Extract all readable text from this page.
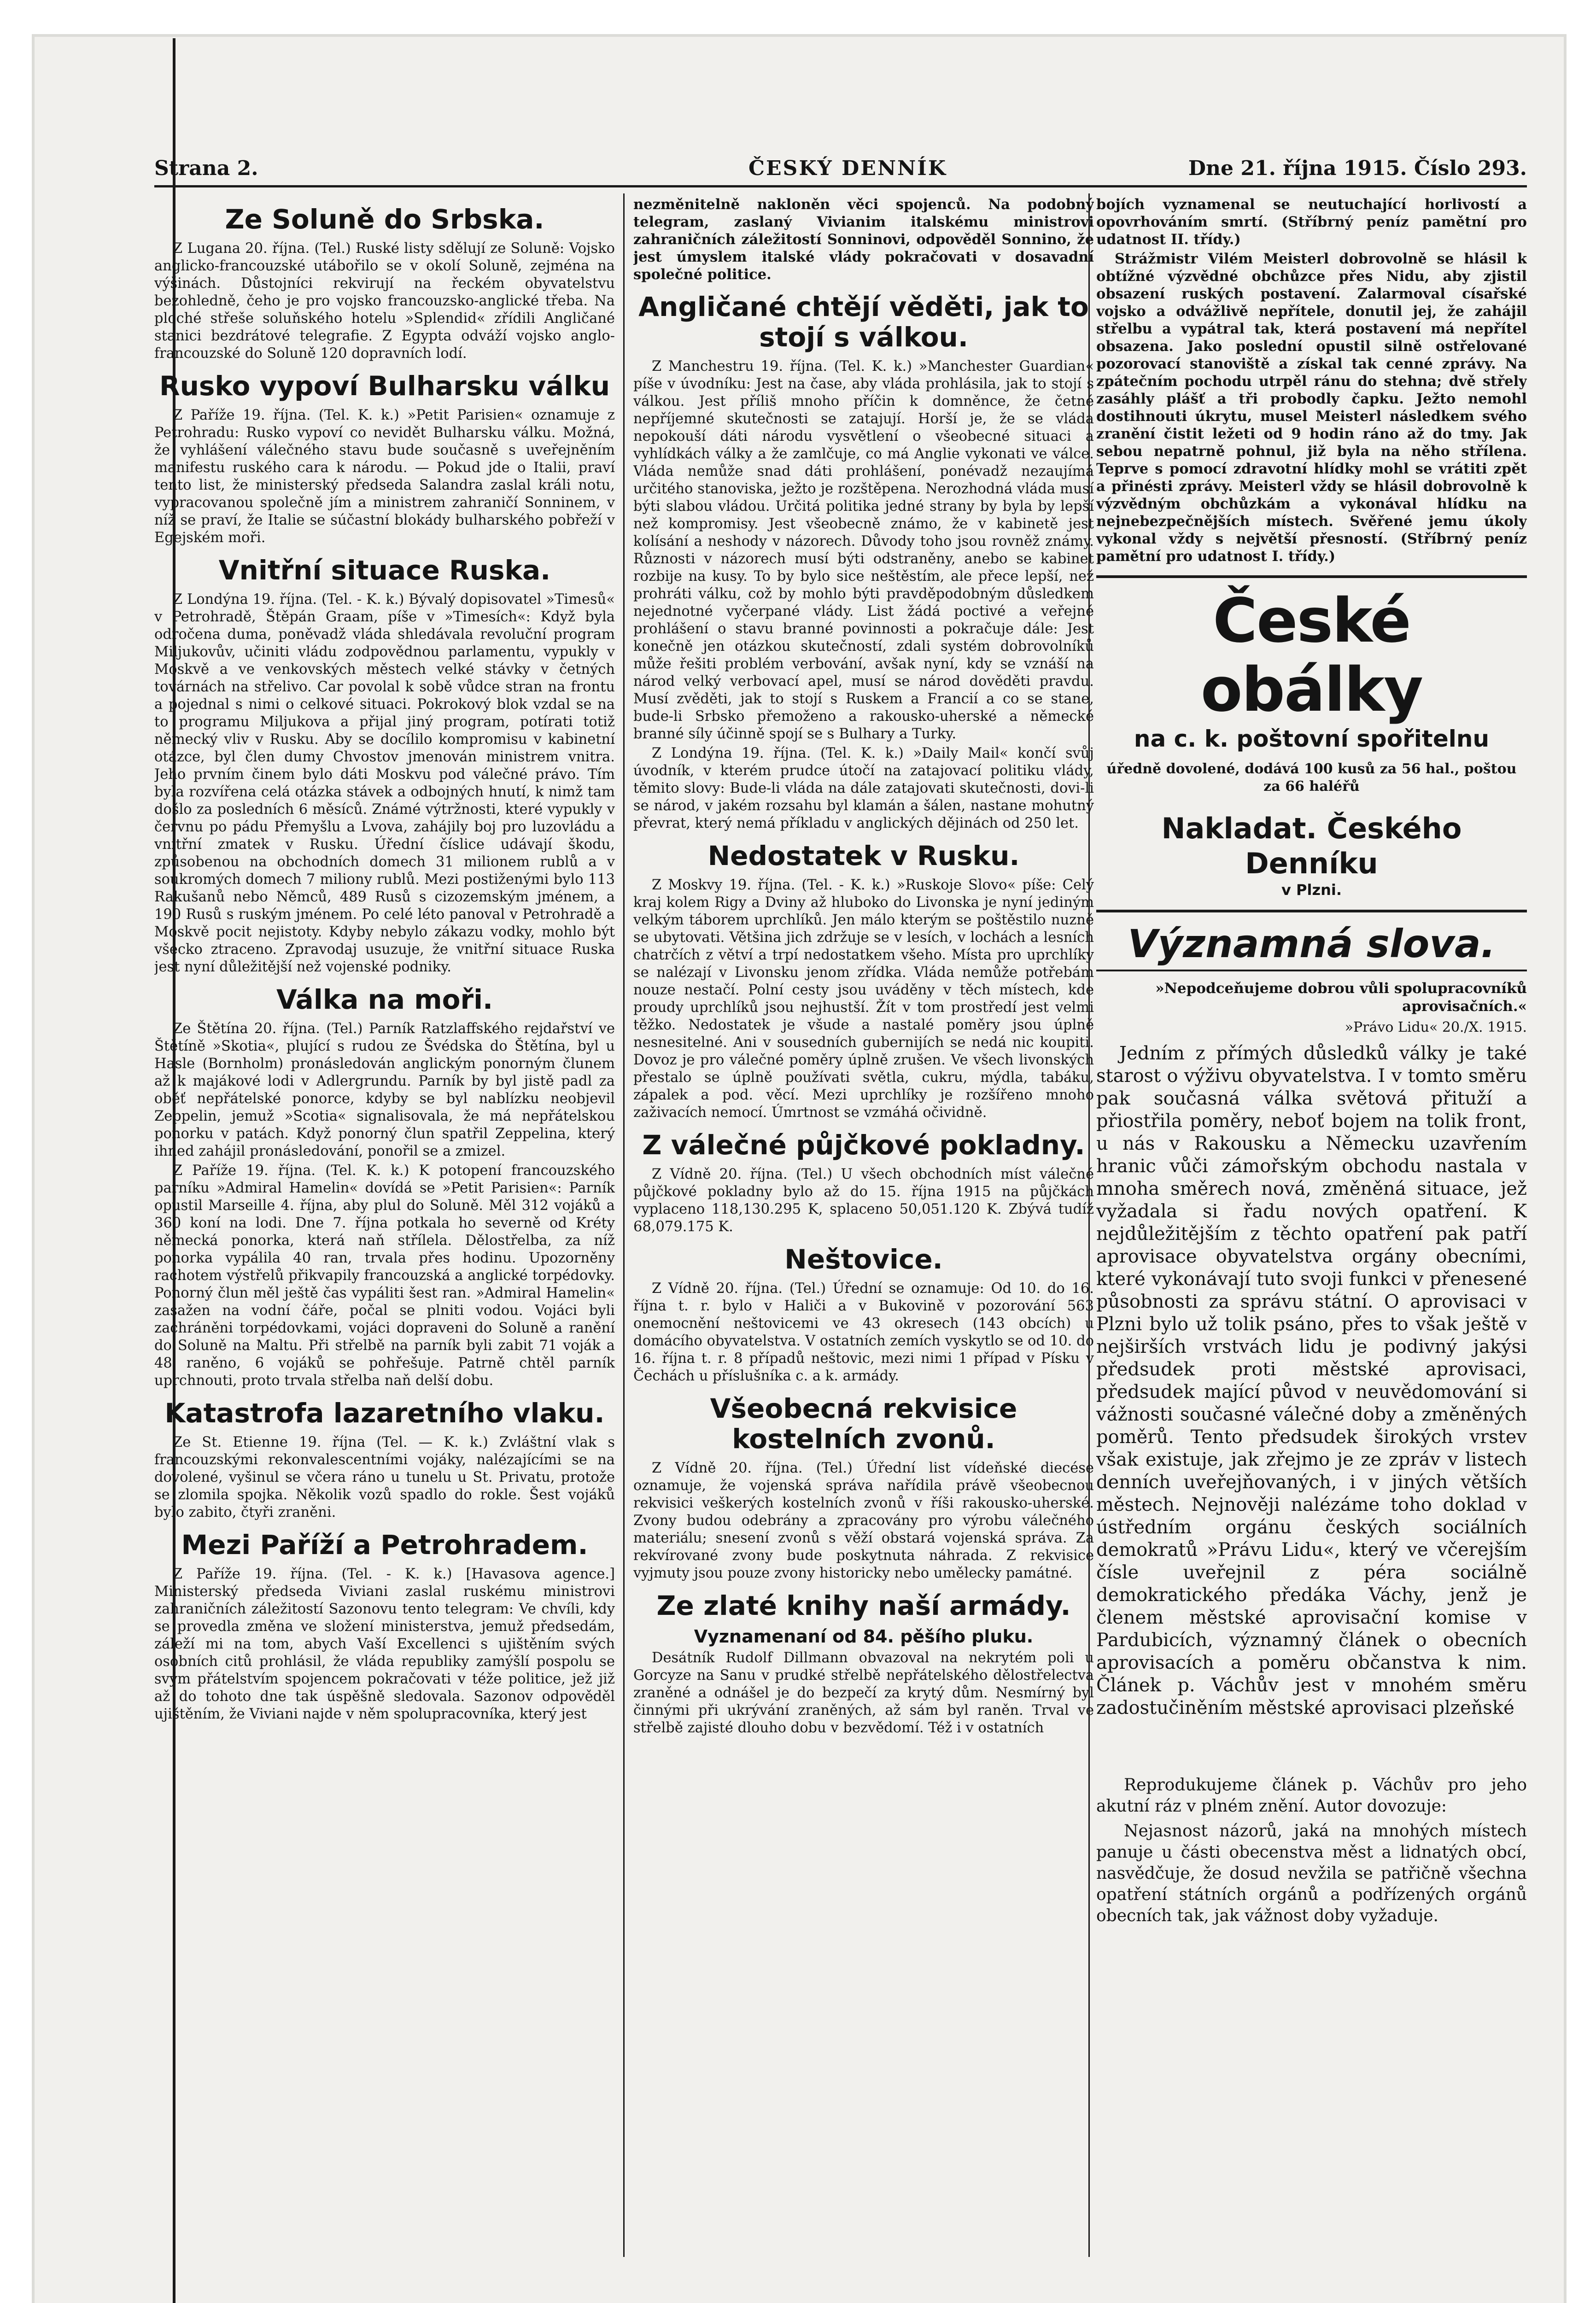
Strana 2.	ČESKÝ DENNÍK	Dne 21. října 1915. Číslo 293.
Ze Soluně do Srbska.

Z Lugana 20. října. (Tel.) Ruské listy sdělují ze Soluně: Vojsko anglicko-francouzské utábořilo se v okolí Soluně, zejména na výšinách. Důstojníci rekvirují na řeckém obyvatelstvu bezohledně, čeho je pro vojsko francouzsko-anglické třeba. Na ploché střeše soluňského hotelu »Splendid« zřídili Angličané stanici bezdrátové telegrafie. Z Egypta odváží vojsko anglo-francouzské do Soluně 120 dopravních lodí.

Rusko vypoví Bulharsku válku

Z Paříže 19. října. (Tel. K. k.) »Petit Parisien« oznamuje z Petrohradu: Rusko vypoví co nevidět Bulharsku válku. Možná, že vyhlášení válečného stavu bude současně s uveřejněním manifestu ruského cara k národu. — Pokud jde o Italii, praví tento list, že ministerský předseda Salandra zaslal králi notu, vypracovanou společně jím a ministrem zahraničí Sonninem, v níž se praví, že Italie se súčastní blokády bulharského pobřeží v Egejském moři.

Vnitřní situace Ruska.

Z Londýna 19. října. (Tel. - K. k.) Bývalý dopisovatel »Timesů« v Petrohradě, Štěpán Graam, píše v »Timesích«: Když byla odročena duma, poněvadž vláda shledávala revoluční program Miljukovův, učiniti vládu zodpovědnou parlamentu, vypukly v Moskvě a ve venkovských městech velké stávky v četných továrnách na střelivo. Car povolal k sobě vůdce stran na frontu a pojednal s nimi o celkové situaci. Pokrokový blok vzdal se na to programu Miljukova a přijal jiný program, potírati totiž německý vliv v Rusku. Aby se docílilo kompromisu v kabinetní otázce, byl člen dumy Chvostov jmenován ministrem vnitra. Jeho prvním činem bylo dáti Moskvu pod válečné právo. Tím byla rozvířena celá otázka stávek a odbojných hnutí, k nimž tam došlo za posledních 6 měsíců. Známé výtržnosti, které vypukly v červnu po pádu Přemyšlu a Lvova, zahájily boj pro luzovládu a vnitřní zmatek v Rusku. Úřední číslice udávají škodu, způsobenou na obchodních domech 31 milionem rublů a v soukromých domech 7 miliony rublů. Mezi postiženými bylo 113 Rakušanů nebo Němců, 489 Rusů s cizozemským jménem, a 190 Rusů s ruským jménem. Po celé léto panoval v Petrohradě a Moskvě pocit nejistoty. Kdyby nebylo zákazu vodky, mohlo být všecko ztraceno. Zpravodaj usuzuje, že vnitřní situace Ruska jest nyní důležitější než vojenské podniky.

Válka na moři.

Ze Štětína 20. října. (Tel.) Parník Ratzlaffského rejdařství ve Štětíně »Skotia«, plující s rudou ze Švédska do Štětína, byl u Hasle (Bornholm) pronásledován anglickým ponorným člunem až k majákové lodi v Adlergrundu. Parník by byl jistě padl za oběť nepřátelské ponorce, kdyby se byl nablízku neobjevil Zeppelin, jemuž »Scotia« signalisovala, že má nepřátelskou ponorku v patách. Když ponorný člun spatřil Zeppelina, který ihned zahájil pronásledování, ponořil se a zmizel.

Z Paříže 19. října. (Tel. K. k.) K potopení francouzského parníku »Admiral Hamelin« dovídá se »Petit Parisien«: Parník opustil Marseille 4. října, aby plul do Soluně. Měl 312 vojáků a 360 koní na lodi. Dne 7. října potkala ho severně od Kréty německá ponorka, která naň střílela. Dělostřelba, za níž ponorka vypálila 40 ran, trvala přes hodinu. Upozorněny rachotem výstřelů přikvapily francouzská a anglické torpédovky. Ponorný člun měl ještě čas vypáliti šest ran. »Admiral Hamelin« zasažen na vodní čáře, počal se plniti vodou. Vojáci byli zachráněni torpédovkami, vojáci dopraveni do Soluně a ranění do Soluně na Maltu. Při střelbě na parník byli zabit 71 voják a 48 raněno, 6 vojáků se pohřešuje. Patrně chtěl parník uprchnouti, proto trvala střelba naň delší dobu.

Katastrofa lazaretního vlaku.

Ze St. Etienne 19. října (Tel. — K. k.) Zvláštní vlak s francouzskými rekonvalescentními vojáky, nalézajícími se na dovolené, vyšinul se včera ráno u tunelu u St. Privatu, protože se zlomila spojka. Několik vozů spadlo do rokle. Šest vojáků bylo zabito, čtyři zraněni.

Mezi Paříží a Petrohradem.

Z Paříže 19. října. (Tel. - K. k.) [Havasova agence.] Ministerský předseda Viviani zaslal ruskému ministrovi zahraničních záležitostí Sazonovu tento telegram: Ve chvíli, kdy se provedla změna ve složení ministerstva, jemuž předsedám, záleží mi na tom, abych Vaší Excellenci s ujištěním svých osobních citů prohlásil, že vláda republiky zamýšlí pospolu se svým přátelstvím spojencem pokračovati v téže politice, jež již až do tohoto dne tak úspěšně sledovala. Sazonov odpověděl ujištěním, že Viviani najde v něm spolupracovníka, který jest

nezměnitelně nakloněn věci spojenců. Na podobný telegram, zaslaný Vivianim italskému ministrovi zahraničních záležitostí Sonninovi, odpověděl Sonnino, že jest úmyslem italské vlády pokračovati v dosavadní společné politice.

Angličané chtějí věděti, jak to stojí s válkou.

Z Manchestru 19. října. (Tel. K. k.) »Manchester Guardian« píše v úvodníku: Jest na čase, aby vláda prohlásila, jak to stojí s válkou. Jest příliš mnoho příčin k domněnce, že četné nepříjemné skutečnosti se zatajují. Horší je, že se vláda nepokouší dáti národu vysvětlení o všeobecné situaci a vyhlídkách války a že zamlčuje, co má Anglie vykonati ve válce. Vláda nemůže snad dáti prohlášení, ponévadž nezaujímá určitého stanoviska, ježto je rozštěpena. Nerozhodná vláda musí býti slabou vládou. Určitá politika jedné strany by byla by lepší než kompromisy. Jest všeobecně známo, že v kabinetě jest kolísání a neshody v názorech. Důvody toho jsou rovněž známy. Různosti v názorech musí býti odstraněny, anebo se kabinet rozbije na kusy. To by bylo sice neštěstím, ale přece lepší, než prohráti válku, což by mohlo býti pravděpodobným důsledkem nejednotné vyčerpané vlády. List žádá poctivé a veřejné prohlášení o stavu branné povinnosti a pokračuje dále: Jest konečně jen otázkou skutečností, zdali systém dobrovolníků může řešiti problém verbování, avšak nyní, kdy se vznáší na národ velký verbovací apel, musí se národ dověděti pravdu. Musí zvěděti, jak to stojí s Ruskem a Francií a co se stane, bude-li Srbsko přemoženo a rakousko-uherské a německé branné síly účinně spojí se s Bulhary a Turky.

Z Londýna 19. října. (Tel. K. k.) »Daily Mail« končí svůj úvodník, v kterém prudce útočí na zatajovací politiku vlády, těmito slovy: Bude-li vláda na dále zatajovati skutečnosti, dovi-li se národ, v jakém rozsahu byl klamán a šálen, nastane mohutný převrat, který nemá příkladu v anglických dějinách od 250 let.

Nedostatek v Rusku.

Z Moskvy 19. října. (Tel. - K. k.) »Ruskoje Slovo« píše: Celý kraj kolem Rigy a Dviny až hluboko do Livonska je nyní jediným velkým táborem uprchlíků. Jen málo kterým se poštěstilo nuzně se ubytovati. Většina jich zdržuje se v lesích, v lochách a lesních chatrčích z větví a trpí nedostatkem všeho. Místa pro uprchlíky se nalézají v Livonsku jenom zřídka. Vláda nemůže potřebám nouze nestačí. Polní cesty jsou uváděny v těch místech, kde proudy uprchlíků jsou nejhustší. Žít v tom prostředí jest velmi těžko. Nedostatek je všude a nastalé poměry jsou úplně nesnesitelné. Ani v sousedních gubernijích se nedá nic koupiti. Dovoz je pro válečné poměry úplně zrušen. Ve všech livonských přestalo se úplně používati světla, cukru, mýdla, tabáku, zápalek a pod. věcí. Mezi uprchlíky je rozšířeno mnoho zaživacích nemocí. Úmrtnost se vzmáhá očividně.

Z válečné půjčkové pokladny.

Z Vídně 20. října. (Tel.) U všech obchodních míst válečné půjčkové pokladny bylo až do 15. října 1915 na půjčkách vyplaceno 118,130.295 K, splaceno 50,051.120 K. Zbývá tudíž 68,079.175 K.

Neštovice.

Z Vídně 20. října. (Tel.) Úřední se oznamuje: Od 10. do 16. října t. r. bylo v Haliči a v Bukovině v pozorování 563 onemocnění neštovicemi ve 43 okresech (143 obcích) u domácího obyvatelstva. V ostatních zemích vyskytlo se od 10. do 16. října t. r. 8 případů neštovic, mezi nimi 1 případ v Písku v Čechách u příslušníka c. a k. armády.

Všeobecná rekvisice kostelních zvonů.

Z Vídně 20. října. (Tel.) Úřední list vídeňské diecése oznamuje, že vojenská správa nařídila právě všeobecnou rekvisici veškerých kostelních zvonů v říši rakousko-uherské. Zvony budou odebrány a zpracovány pro výrobu válečného materiálu; snesení zvonů s věží obstará vojenská správa. Za rekvírované zvony bude poskytnuta náhrada. Z rekvisice vyjmuty jsou pouze zvony historicky nebo umělecky památné.

Ze zlaté knihy naší armády.
Vyznamenaní od 84. pěšího pluku.

Desátník Rudolf Dillmann obvazoval na nekrytém poli u Gorcyze na Sanu v prudké střelbě nepřátelského dělostřelectva zraněné a odnášel je do bezpečí za krytý dům. Nesmírný byl činnými při ukrývání zraněných, až sám byl raněn. Trval ve střelbě zajisté dlouho dobu v bezvědomí. Též i v ostatních

bojích vyznamenal se neutuchající horlivostí a opovrhováním smrtí. (Stříbrný peníz pamětní pro udatnost II. třídy.)

Strážmistr Vilém Meisterl dobrovolně se hlásil k obtížné výzvědné obchůzce přes Nidu, aby zjistil obsazení ruských postavení. Zalarmoval císařské vojsko a odvážlivě nepřítele, donutil jej, že zahájil střelbu a vypátral tak, která postavení má nepřítel obsazena. Jako poslední opustil silně ostřelované pozorovací stanoviště a získal tak cenné zprávy. Na zpátečním pochodu utrpěl ránu do stehna; dvě střely zasáhly plášť a tři probodly čapku. Ježto nemohl dostihnouti úkrytu, musel Meisterl následkem svého zranění čistit ležeti od 9 hodin ráno až do tmy. Jak sebou nepatrně pohnul, již byla na něho střílena. Teprve s pomocí zdravotní hlídky mohl se vrátiti zpět a přinésti zprávy. Meisterl vždy se hlásil dobrovolně k výzvědným obchůzkám a vykonával hlídku na nejnebezpečnějších místech. Svěřené jemu úkoly vykonal vždy s největší přesností. (Stříbrný peníz pamětní pro udatnost I. třídy.)

České obálky
na c. k. poštovní spořitelnu
úředně dovolené, dodává 100 kusů za 56 hal., poštou za 66 haléřů
Nakladat. Českého Denníku
v Plzni.
Významná slova.
»Nepodceňujeme dobrou vůli spolupracovníků aprovisačních.«
»Právo Lidu« 20./X. 1915.

Jedním z přímých důsledků války je také starost o výživu obyvatelstva. I v tomto směru pak současná válka světová přituží a přiostřila poměry, neboť bojem na tolik front, u nás v Rakousku a Německu uzavřením hranic vůči zámořským obchodu nastala v mnoha směrech nová, změněná situace, jež vyžadala si řadu nových opatření. K nejdůležitějším z těchto opatření pak patří aprovisace obyvatelstva orgány obecními, které vykonávají tuto svoji funkci v přenesené působnosti za správu státní. O aprovisaci v Plzni bylo už tolik psáno, přes to však ještě v nejširších vrstvách lidu je podivný jakýsi předsudek proti městské aprovisaci, předsudek mající původ v neuvědomování si vážnosti současné válečné doby a změněných poměrů. Tento předsudek širokých vrstev však existuje, jak zřejmo je ze zpráv v listech denních uveřejňovaných, i v jiných větších městech. Nejnověji nalézáme toho doklad v ústředním orgánu českých sociálních demokratů »Právu Lidu«, který ve včerejším čísle uveřejnil z péra sociálně demokratického předáka Váchy, jenž je členem městské aprovisační komise v Pardubicích, významný článek o obecních aprovisacích a poměru občanstva k nim. Článek p. Váchův jest v mnohém směru zadostučiněním městské aprovisaci plzeňské

Reprodukujeme článek p. Váchův pro jeho akutní ráz v plném znění. Autor dovozuje:

Nejasnost názorů, jaká na mnohých místech panuje u části obecenstva měst a lidnatých obcí, nasvědčuje, že dosud nevžila se patřičně všechna opatření státních orgánů a podřízených orgánů obecních tak, jak vážnost doby vyžaduje.
